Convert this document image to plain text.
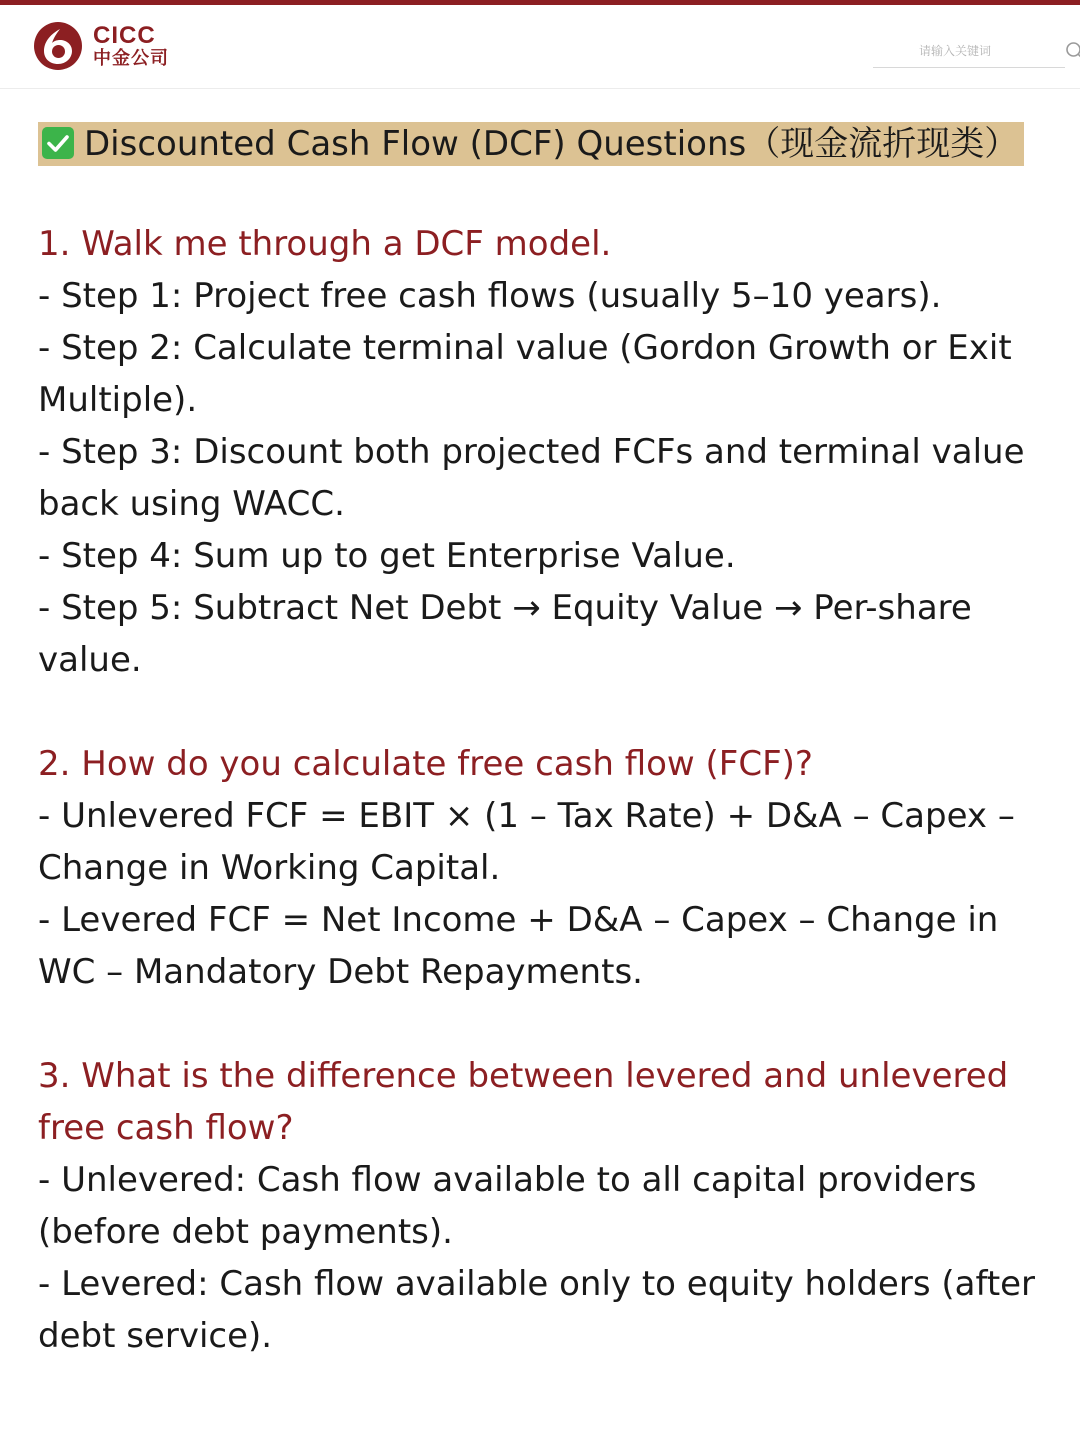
CICC
中金公司
请输入关键词
Discounted Cash Flow (DCF) Questions（现金流折现类）
1. Walk me through a DCF model.
- Step 1: Project free cash flows (usually 5–10 years).
- Step 2: Calculate terminal value (Gordon Growth or Exit Multiple).
- Step 3: Discount both projected FCFs and terminal value back using WACC.
- Step 4: Sum up to get Enterprise Value.
- Step 5: Subtract Net Debt → Equity Value → Per-share value.
2. How do you calculate free cash flow (FCF)?
- Unlevered FCF = EBIT × (1 – Tax Rate) + D&A – Capex – Change in Working Capital.
- Levered FCF = Net Income + D&A – Capex – Change in WC – Mandatory Debt Repayments.
3. What is the difference between levered and unlevered free cash flow?
- Unlevered: Cash flow available to all capital providers (before debt payments).
- Levered: Cash flow available only to equity holders (after debt service).
